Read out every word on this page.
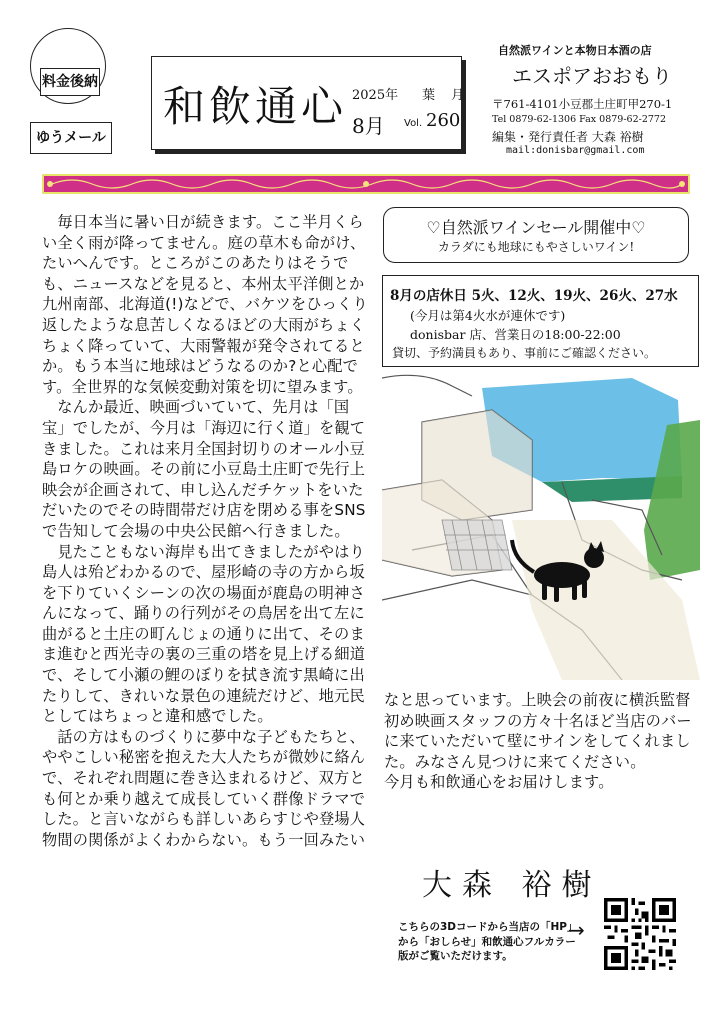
料金後納
ゆうメール
和飲通心 2025年 葉 月
8月 Vol. 260
自然派ワインと本物日本酒の店
エスポアおおもり
〒761-4101小豆郡土庄町甲270-1
Tel 0879-62-1306 Fax 0879-62-2772
編集・発行責任者 大森 裕樹
mail:donisbar@gmail.com

毎日本当に暑い日が続きます。ここ半月くらい全く雨が降ってません。庭の草木も命がけ、たいへんです。ところがこのあたりはそうでも、ニュースなどを見ると、本州太平洋側とか九州南部、北海道(!)などで、バケツをひっくり返したような息苦しくなるほどの大雨がちょくちょく降っていて、大雨警報が発令されてるとか。もう本当に地球はどうなるのか?と心配です。全世界的な気候変動対策を切に望みます。

なんか最近、映画づいていて、先月は「国宝」でしたが、今月は「海辺に行く道」を観てきました。これは来月全国封切りのオール小豆島ロケの映画。その前に小豆島土庄町で先行上映会が企画されて、申し込んだチケットをいただいたのでその時間帯だけ店を閉める事をSNSで告知して会場の中央公民館へ行きました。

見たこともない海岸も出てきましたがやはり島人は殆どわかるので、屋形崎の寺の方から坂を下りていくシーンの次の場面が鹿島の明神さんになって、踊りの行列がその鳥居を出て左に曲がると土庄の町んじょの通りに出て、そのまま進むと西光寺の裏の三重の塔を見上げる細道で、そして小瀬の鯉のぼりを拭き流す黒崎に出たりして、きれいな景色の連続だけど、地元民としてはちょっと違和感でした。

話の方はものづくりに夢中な子どもたちと、ややこしい秘密を抱えた大人たちが微妙に絡んで、それぞれ問題に巻き込まれるけど、双方とも何とか乗り越えて成長していく群像ドラマでした。と言いながらも詳しいあらすじや登場人物間の関係がよくわからない。もう一回みたい

♡自然派ワインセール開催中♡
カラダにも地球にもやさしいワイン!
8月の店休日 5火、12火、19火、26火、27水
(今月は第4火水が連休です)
donisbar 店、営業日の18:00-22:00
貸切、予約満員もあり、事前にご確認ください。

なと思っています。上映会の前夜に横浜監督初め映画スタッフの方々十名ほど当店のバーに来ていただいて壁にサインをしてくれました。みなさん見つけに来てください。

今月も和飲通心をお届けします。

大森 裕樹
こちらの3Dコードから当店の「HP」から「おしらせ」和飲通心フルカラー版がご覧いただけます。
→
